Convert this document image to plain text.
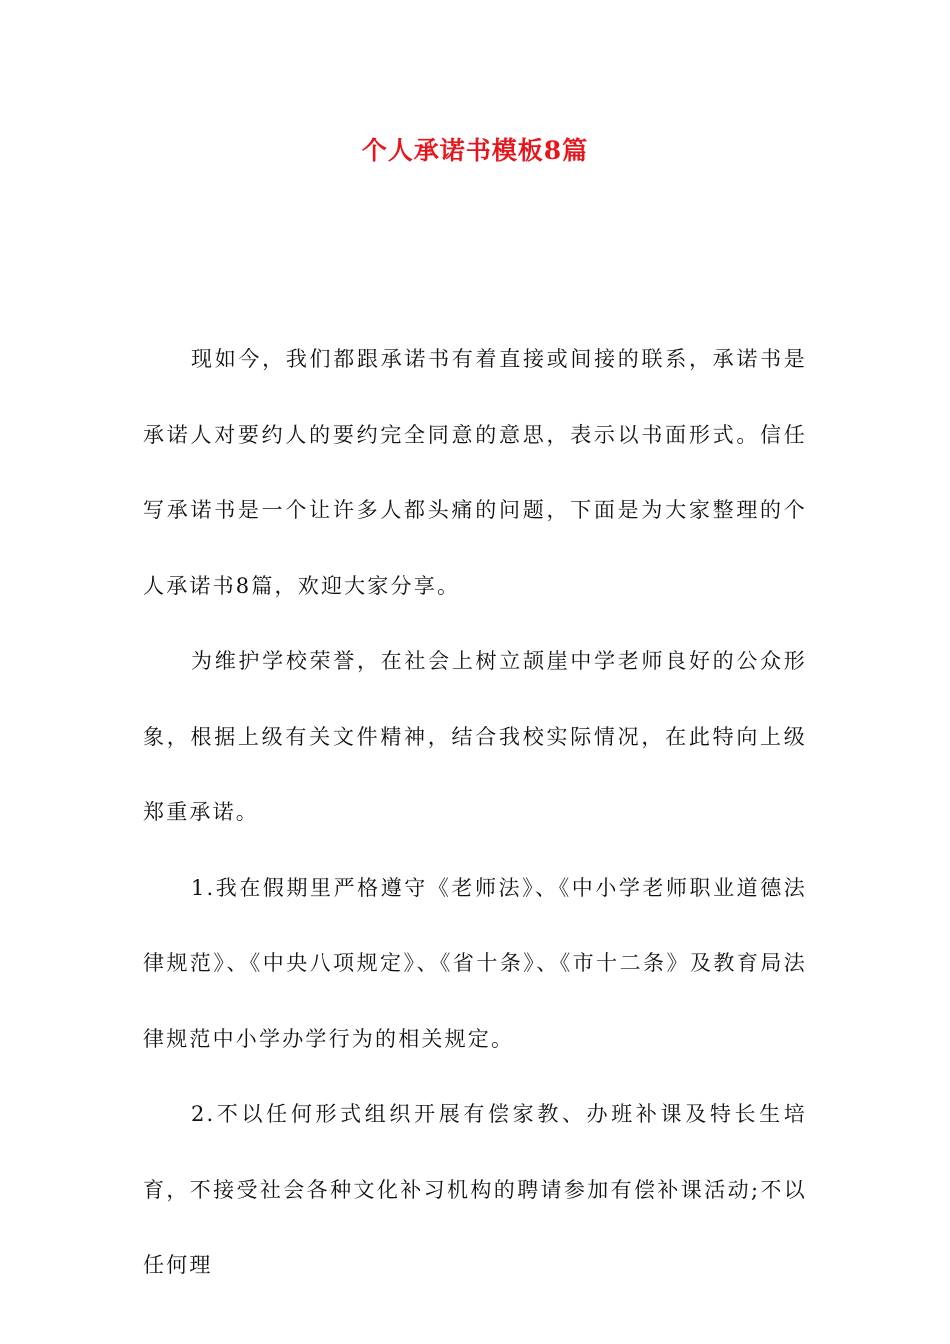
个人承诺书模板8篇

现如今，我们都跟承诺书有着直接或间接的联系，承诺书是承诺人对要约人的要约完全同意的意思，表示以书面形式。信任写承诺书是一个让许多人都头痛的问题，下面是为大家整理的个人承诺书8篇，欢迎大家分享。

为维护学校荣誉，在社会上树立颉崖中学老师良好的公众形象，根据上级有关文件精神，结合我校实际情况，在此特向上级郑重承诺。

1.我在假期里严格遵守《老师法》、《中小学老师职业道德法律规范》、《中央八项规定》、《省十条》、《市十二条》及教育局法律规范中小学办学行为的相关规定。

2.不以任何形式组织开展有偿家教、办班补课及特长生培育，不接受社会各种文化补习机构的聘请参加有偿补课活动;不以任何理
